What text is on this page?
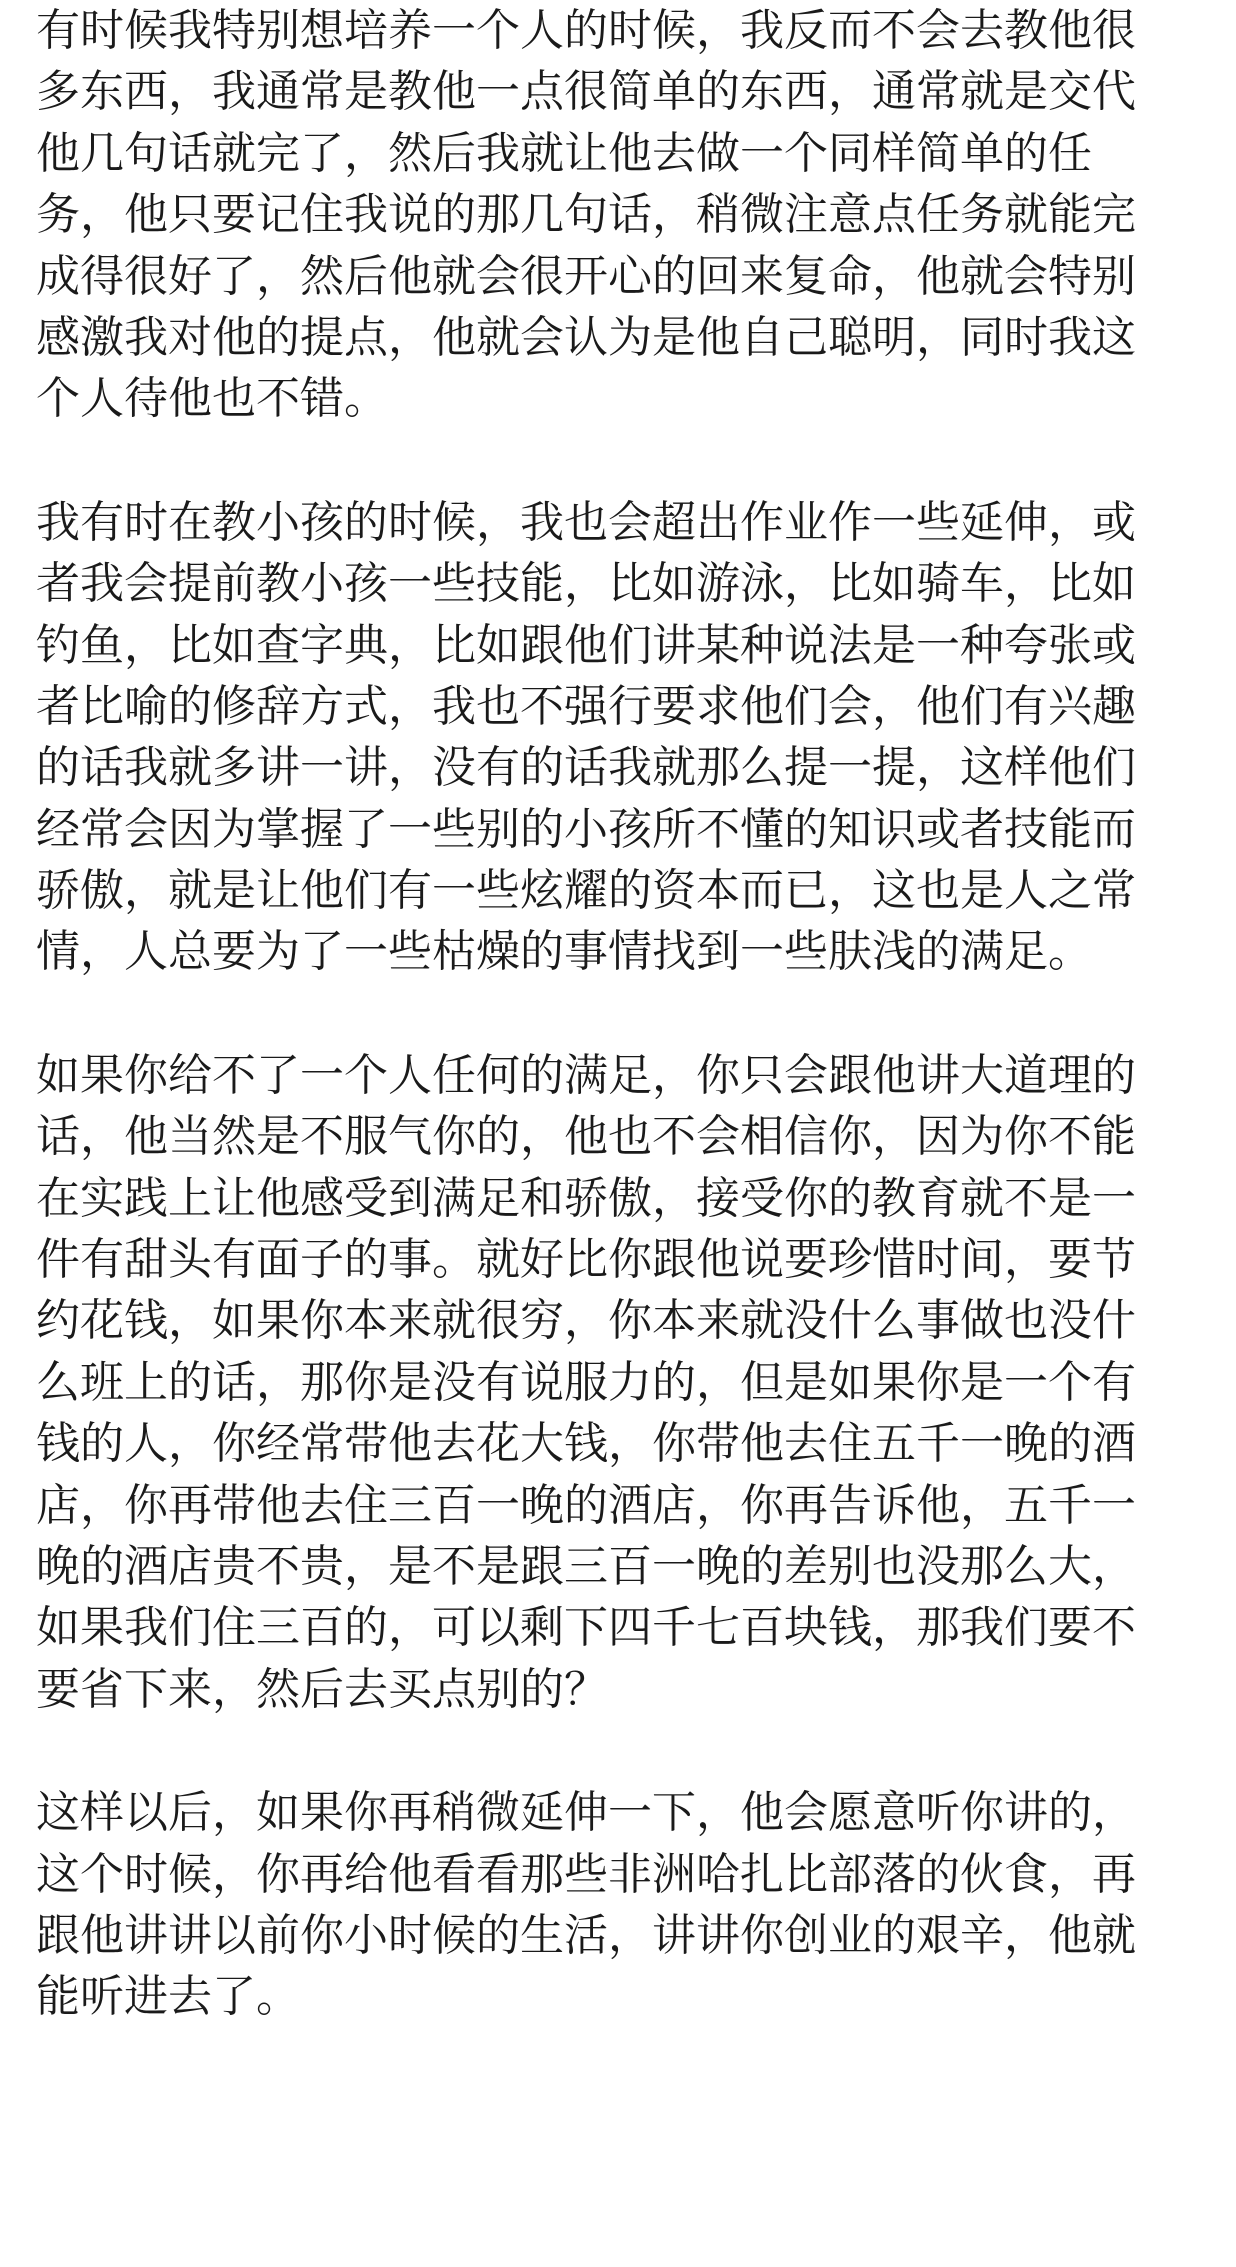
有时候我特别想培养一个人的时候，我反而不会去教他很
多东西，我通常是教他一点很简单的东西，通常就是交代
他几句话就完了，然后我就让他去做一个同样简单的任
务，他只要记住我说的那几句话，稍微注意点任务就能完
成得很好了，然后他就会很开心的回来复命，他就会特别
感激我对他的提点，他就会认为是他自己聪明，同时我这
个人待他也不错。

我有时在教小孩的时候，我也会超出作业作一些延伸，或
者我会提前教小孩一些技能，比如游泳，比如骑车，比如
钓鱼，比如查字典，比如跟他们讲某种说法是一种夸张或
者比喻的修辞方式，我也不强行要求他们会，他们有兴趣
的话我就多讲一讲，没有的话我就那么提一提，这样他们
经常会因为掌握了一些别的小孩所不懂的知识或者技能而
骄傲，就是让他们有一些炫耀的资本而已，这也是人之常
情，人总要为了一些枯燥的事情找到一些肤浅的满足。

如果你给不了一个人任何的满足，你只会跟他讲大道理的
话，他当然是不服气你的，他也不会相信你，因为你不能
在实践上让他感受到满足和骄傲，接受你的教育就不是一
件有甜头有面子的事。就好比你跟他说要珍惜时间，要节
约花钱，如果你本来就很穷，你本来就没什么事做也没什
么班上的话，那你是没有说服力的，但是如果你是一个有
钱的人，你经常带他去花大钱，你带他去住五千一晚的酒
店，你再带他去住三百一晚的酒店，你再告诉他，五千一
晚的酒店贵不贵，是不是跟三百一晚的差别也没那么大，
如果我们住三百的，可以剩下四千七百块钱，那我们要不
要省下来，然后去买点别的？

这样以后，如果你再稍微延伸一下，他会愿意听你讲的，
这个时候，你再给他看看那些非洲哈扎比部落的伙食，再
跟他讲讲以前你小时候的生活，讲讲你创业的艰辛，他就
能听进去了。
